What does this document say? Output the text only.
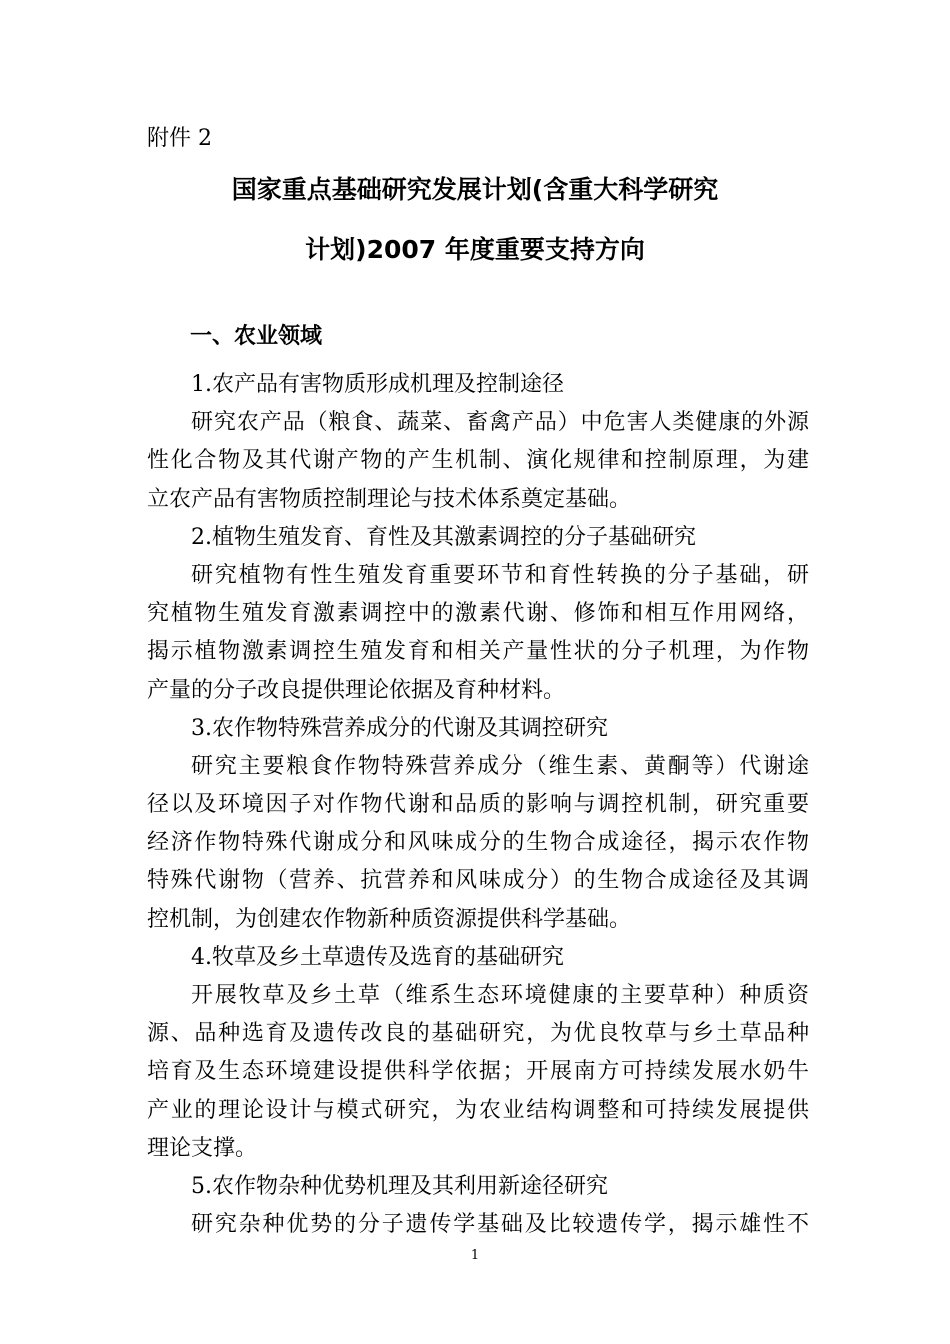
附件 2
国家重点基础研究发展计划(含重大科学研究
计划)2007 年度重要支持方向
一、农业领域
1.农产品有害物质形成机理及控制途径
研究农产品（粮食、蔬菜、畜禽产品）中危害人类健康的外源
性化合物及其代谢产物的产生机制、演化规律和控制原理，为建
立农产品有害物质控制理论与技术体系奠定基础。
2.植物生殖发育、育性及其激素调控的分子基础研究
研究植物有性生殖发育重要环节和育性转换的分子基础，研
究植物生殖发育激素调控中的激素代谢、修饰和相互作用网络，
揭示植物激素调控生殖发育和相关产量性状的分子机理，为作物
产量的分子改良提供理论依据及育种材料。
3.农作物特殊营养成分的代谢及其调控研究
研究主要粮食作物特殊营养成分（维生素、黄酮等）代谢途
径以及环境因子对作物代谢和品质的影响与调控机制，研究重要
经济作物特殊代谢成分和风味成分的生物合成途径，揭示农作物
特殊代谢物（营养、抗营养和风味成分）的生物合成途径及其调
控机制，为创建农作物新种质资源提供科学基础。
4.牧草及乡土草遗传及选育的基础研究
开展牧草及乡土草（维系生态环境健康的主要草种）种质资
源、品种选育及遗传改良的基础研究，为优良牧草与乡土草品种
培育及生态环境建设提供科学依据；开展南方可持续发展水奶牛
产业的理论设计与模式研究，为农业结构调整和可持续发展提供
理论支撑。
5.农作物杂种优势机理及其利用新途径研究
研究杂种优势的分子遗传学基础及比较遗传学，揭示雄性不
1
